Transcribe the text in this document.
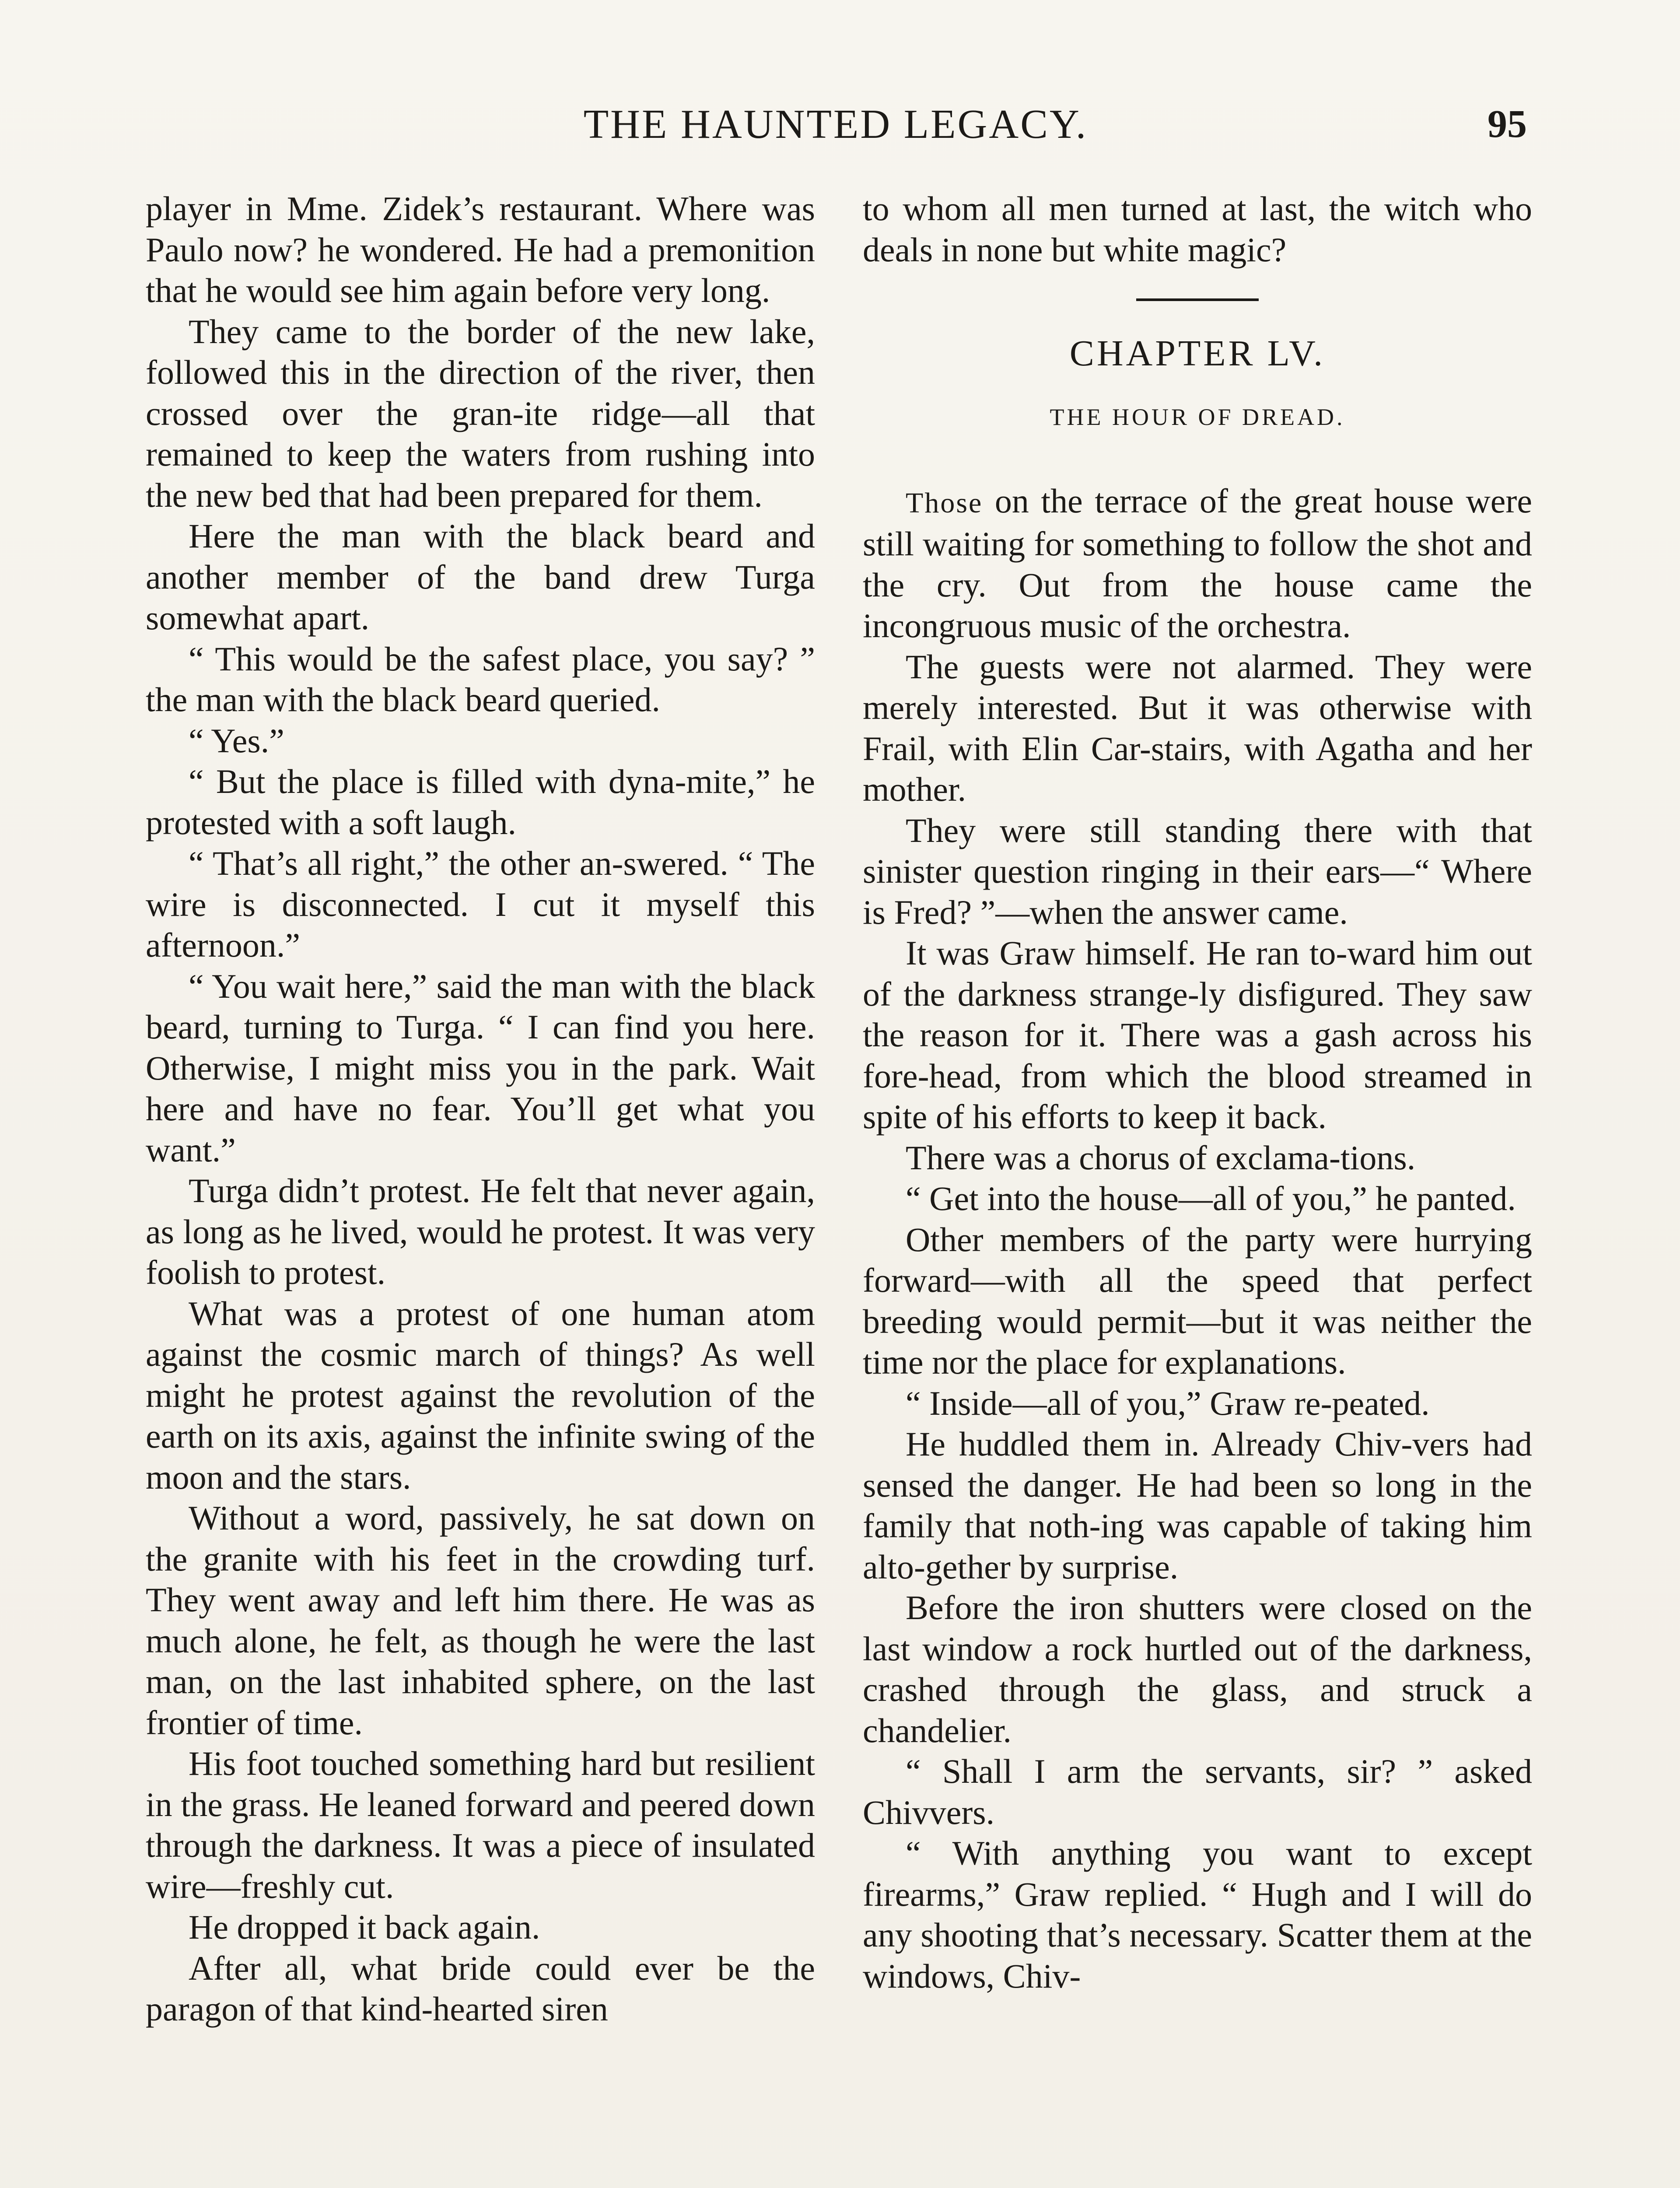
THE HAUNTED LEGACY.	95

player in Mme. Zidek’s restaurant. Where was Paulo now? he wondered. He had a premonition that he would see him again before very long.

They came to the border of the new lake, followed this in the direction of the river, then crossed over the gran-ite ridge—all that remained to keep the waters from rushing into the new bed that had been prepared for them.

Here the man with the black beard and another member of the band drew Turga somewhat apart.

“ This would be the safest place, you say? ” the man with the black beard queried.

“ Yes.”

“ But the place is filled with dyna-mite,” he protested with a soft laugh.

“ That’s all right,” the other an-swered. “ The wire is disconnected. I cut it myself this afternoon.”

“ You wait here,” said the man with the black beard, turning to Turga. “ I can find you here. Otherwise, I might miss you in the park. Wait here and have no fear. You’ll get what you want.”

Turga didn’t protest. He felt that never again, as long as he lived, would he protest. It was very foolish to protest.

What was a protest of one human atom against the cosmic march of things? As well might he protest against the revolution of the earth on its axis, against the infinite swing of the moon and the stars.

Without a word, passively, he sat down on the granite with his feet in the crowding turf. They went away and left him there. He was as much alone, he felt, as though he were the last man, on the last inhabited sphere, on the last frontier of time.

His foot touched something hard but resilient in the grass. He leaned forward and peered down through the darkness. It was a piece of insulated wire—freshly cut.

He dropped it back again.

After all, what bride could ever be the paragon of that kind-hearted siren

to whom all men turned at last, the witch who deals in none but white magic?

CHAPTER LV.
THE HOUR OF DREAD.

Those on the terrace of the great house were still waiting for something to follow the shot and the cry. Out from the house came the incongruous music of the orchestra.

The guests were not alarmed. They were merely interested. But it was otherwise with Frail, with Elin Car-stairs, with Agatha and her mother.

They were still standing there with that sinister question ringing in their ears—“ Where is Fred? ”—when the answer came.

It was Graw himself. He ran to-ward him out of the darkness strange-ly disfigured. They saw the reason for it. There was a gash across his fore-head, from which the blood streamed in spite of his efforts to keep it back.

There was a chorus of exclama-tions.

“ Get into the house—all of you,” he panted.

Other members of the party were hurrying forward—with all the speed that perfect breeding would permit—but it was neither the time nor the place for explanations.

“ Inside—all of you,” Graw re-peated.

He huddled them in. Already Chiv-vers had sensed the danger. He had been so long in the family that noth-ing was capable of taking him alto-gether by surprise.

Before the iron shutters were closed on the last window a rock hurtled out of the darkness, crashed through the glass, and struck a chandelier.

“ Shall I arm the servants, sir? ” asked Chivvers.

“ With anything you want to except firearms,” Graw replied. “ Hugh and I will do any shooting that’s necessary. Scatter them at the windows, Chiv-
